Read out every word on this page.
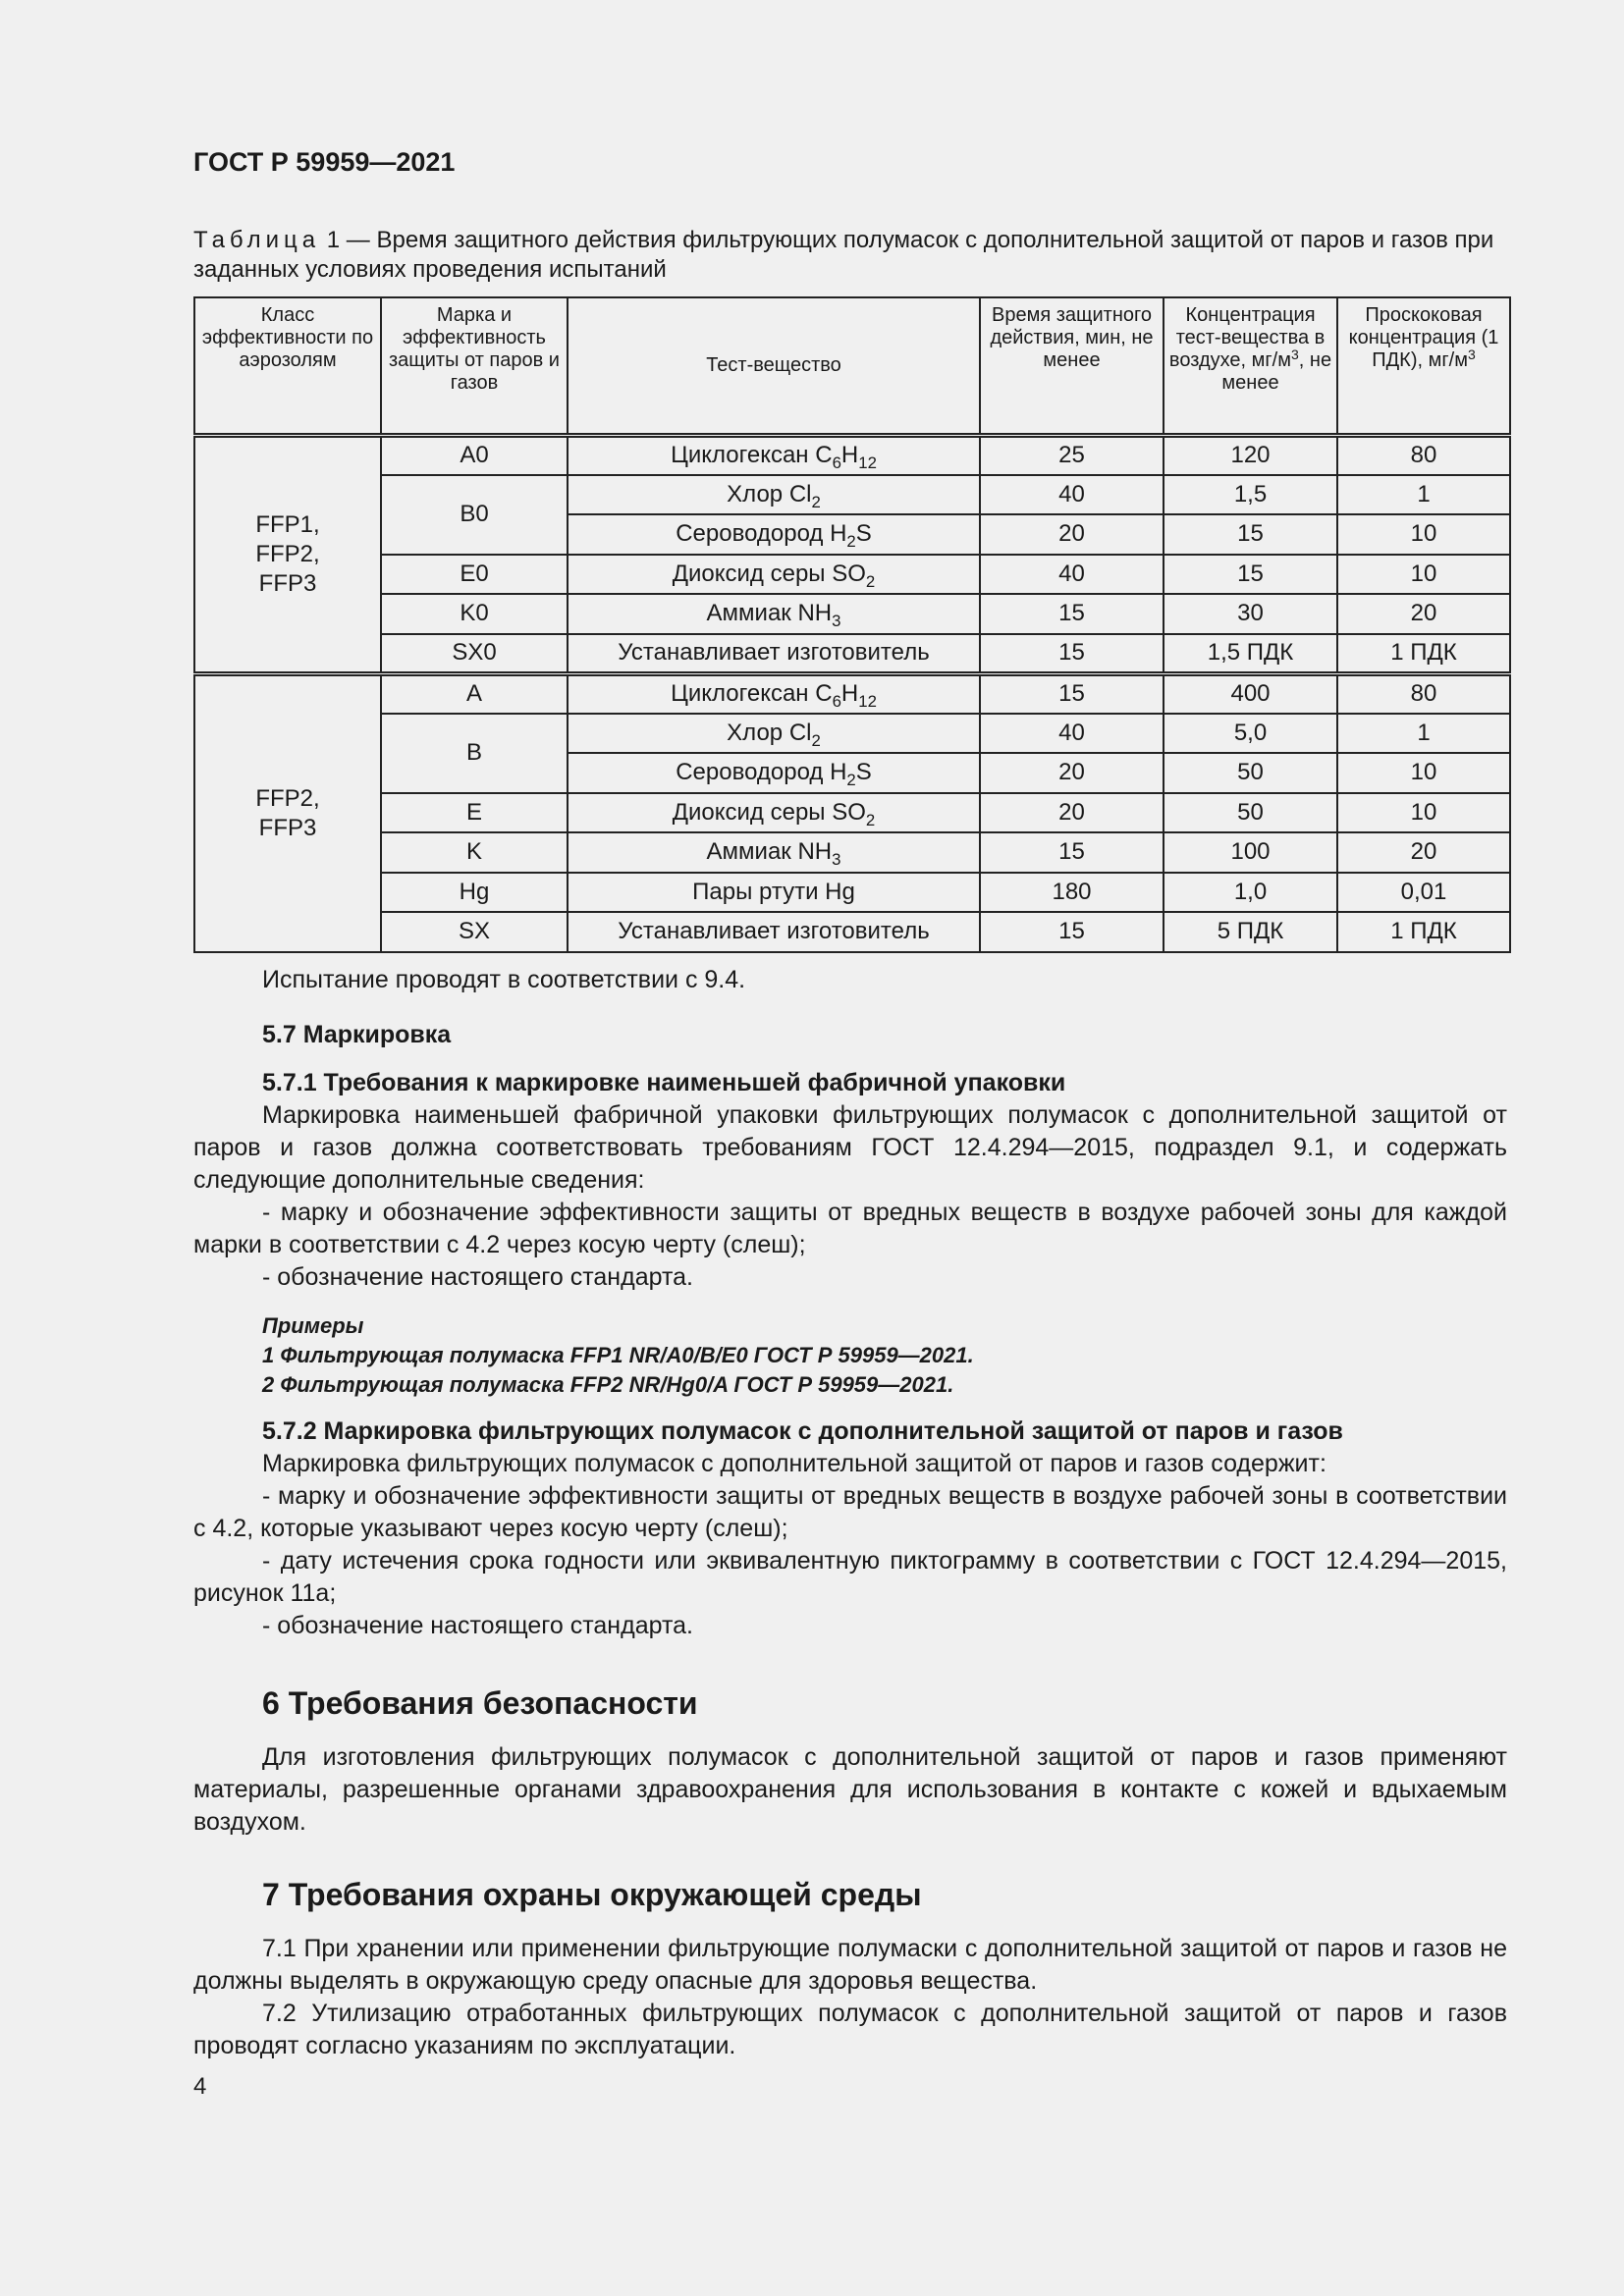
ГОСТ Р 59959—2021
Таблица 1 — Время защитного действия фильтрующих полумасок с дополнительной защитой от паров и газов при заданных условиях проведения испытаний
Класс эффективности по аэрозолям	Марка и эффективность защиты от паров и газов	Тест-вещество	Время защитного действия, мин, не менее	Концентрация тест-вещества в воздухе, $мг/м^3$, не менее	Проскоковая концентрация (1 ПДК), $мг/м^3$
FFP1,
FFP2,
FFP3	A0	Циклогексан $C_6H_{12}$	25	120	80
	B0	Хлор $Cl_2$	40	1,5	1
		Сероводород $H_2S$	20	15	10
	E0	Диоксид серы $SO_2$	40	15	10
	K0	Аммиак $NH_3$	15	30	20
	SX0	Устанавливает изготовитель	15	1,5 ПДК	1 ПДК
FFP2,
FFP3	A	Циклогексан $C_6H_{12}$	15	400	80
	B	Хлор $Cl_2$	40	5,0	1
		Сероводород $H_2S$	20	50	10
	E	Диоксид серы $SO_2$	20	50	10
	K	Аммиак $NH_3$	15	100	20
	Hg	Пары ртути Hg	180	1,0	0,01
	SX	Устанавливает изготовитель	15	5 ПДК	1 ПДК

Испытание проводят в соответствии с 9.4.

5.7 Маркировка

5.7.1 Требования к маркировке наименьшей фабричной упаковки

Маркировка наименьшей фабричной упаковки фильтрующих полумасок с дополнительной защитой от паров и газов должна соответствовать требованиям ГОСТ 12.4.294—2015, подраздел 9.1, и содержать следующие дополнительные сведения:

- марку и обозначение эффективности защиты от вредных веществ в воздухе рабочей зоны для каждой марки в соответствии с 4.2 через косую черту (слеш);

- обозначение настоящего стандарта.

Примеры
1 Фильтрующая полумаска FFP1 NR/A0/B/E0 ГОСТ Р 59959—2021.
2 Фильтрующая полумаска FFP2 NR/Hg0/A ГОСТ Р 59959—2021.

5.7.2 Маркировка фильтрующих полумасок с дополнительной защитой от паров и газов

Маркировка фильтрующих полумасок с дополнительной защитой от паров и газов содержит:

- марку и обозначение эффективности защиты от вредных веществ в воздухе рабочей зоны в соответствии с 4.2, которые указывают через косую черту (слеш);

- дату истечения срока годности или эквивалентную пиктограмму в соответствии с ГОСТ 12.4.294—2015, рисунок 11а;

- обозначение настоящего стандарта.

6 Требования безопасности

Для изготовления фильтрующих полумасок с дополнительной защитой от паров и газов применяют материалы, разрешенные органами здравоохранения для использования в контакте с кожей и вдыхаемым воздухом.

7 Требования охраны окружающей среды

7.1 При хранении или применении фильтрующие полумаски с дополнительной защитой от паров и газов не должны выделять в окружающую среду опасные для здоровья вещества.

7.2 Утилизацию отработанных фильтрующих полумасок с дополнительной защитой от паров и газов проводят согласно указаниям по эксплуатации.

4
